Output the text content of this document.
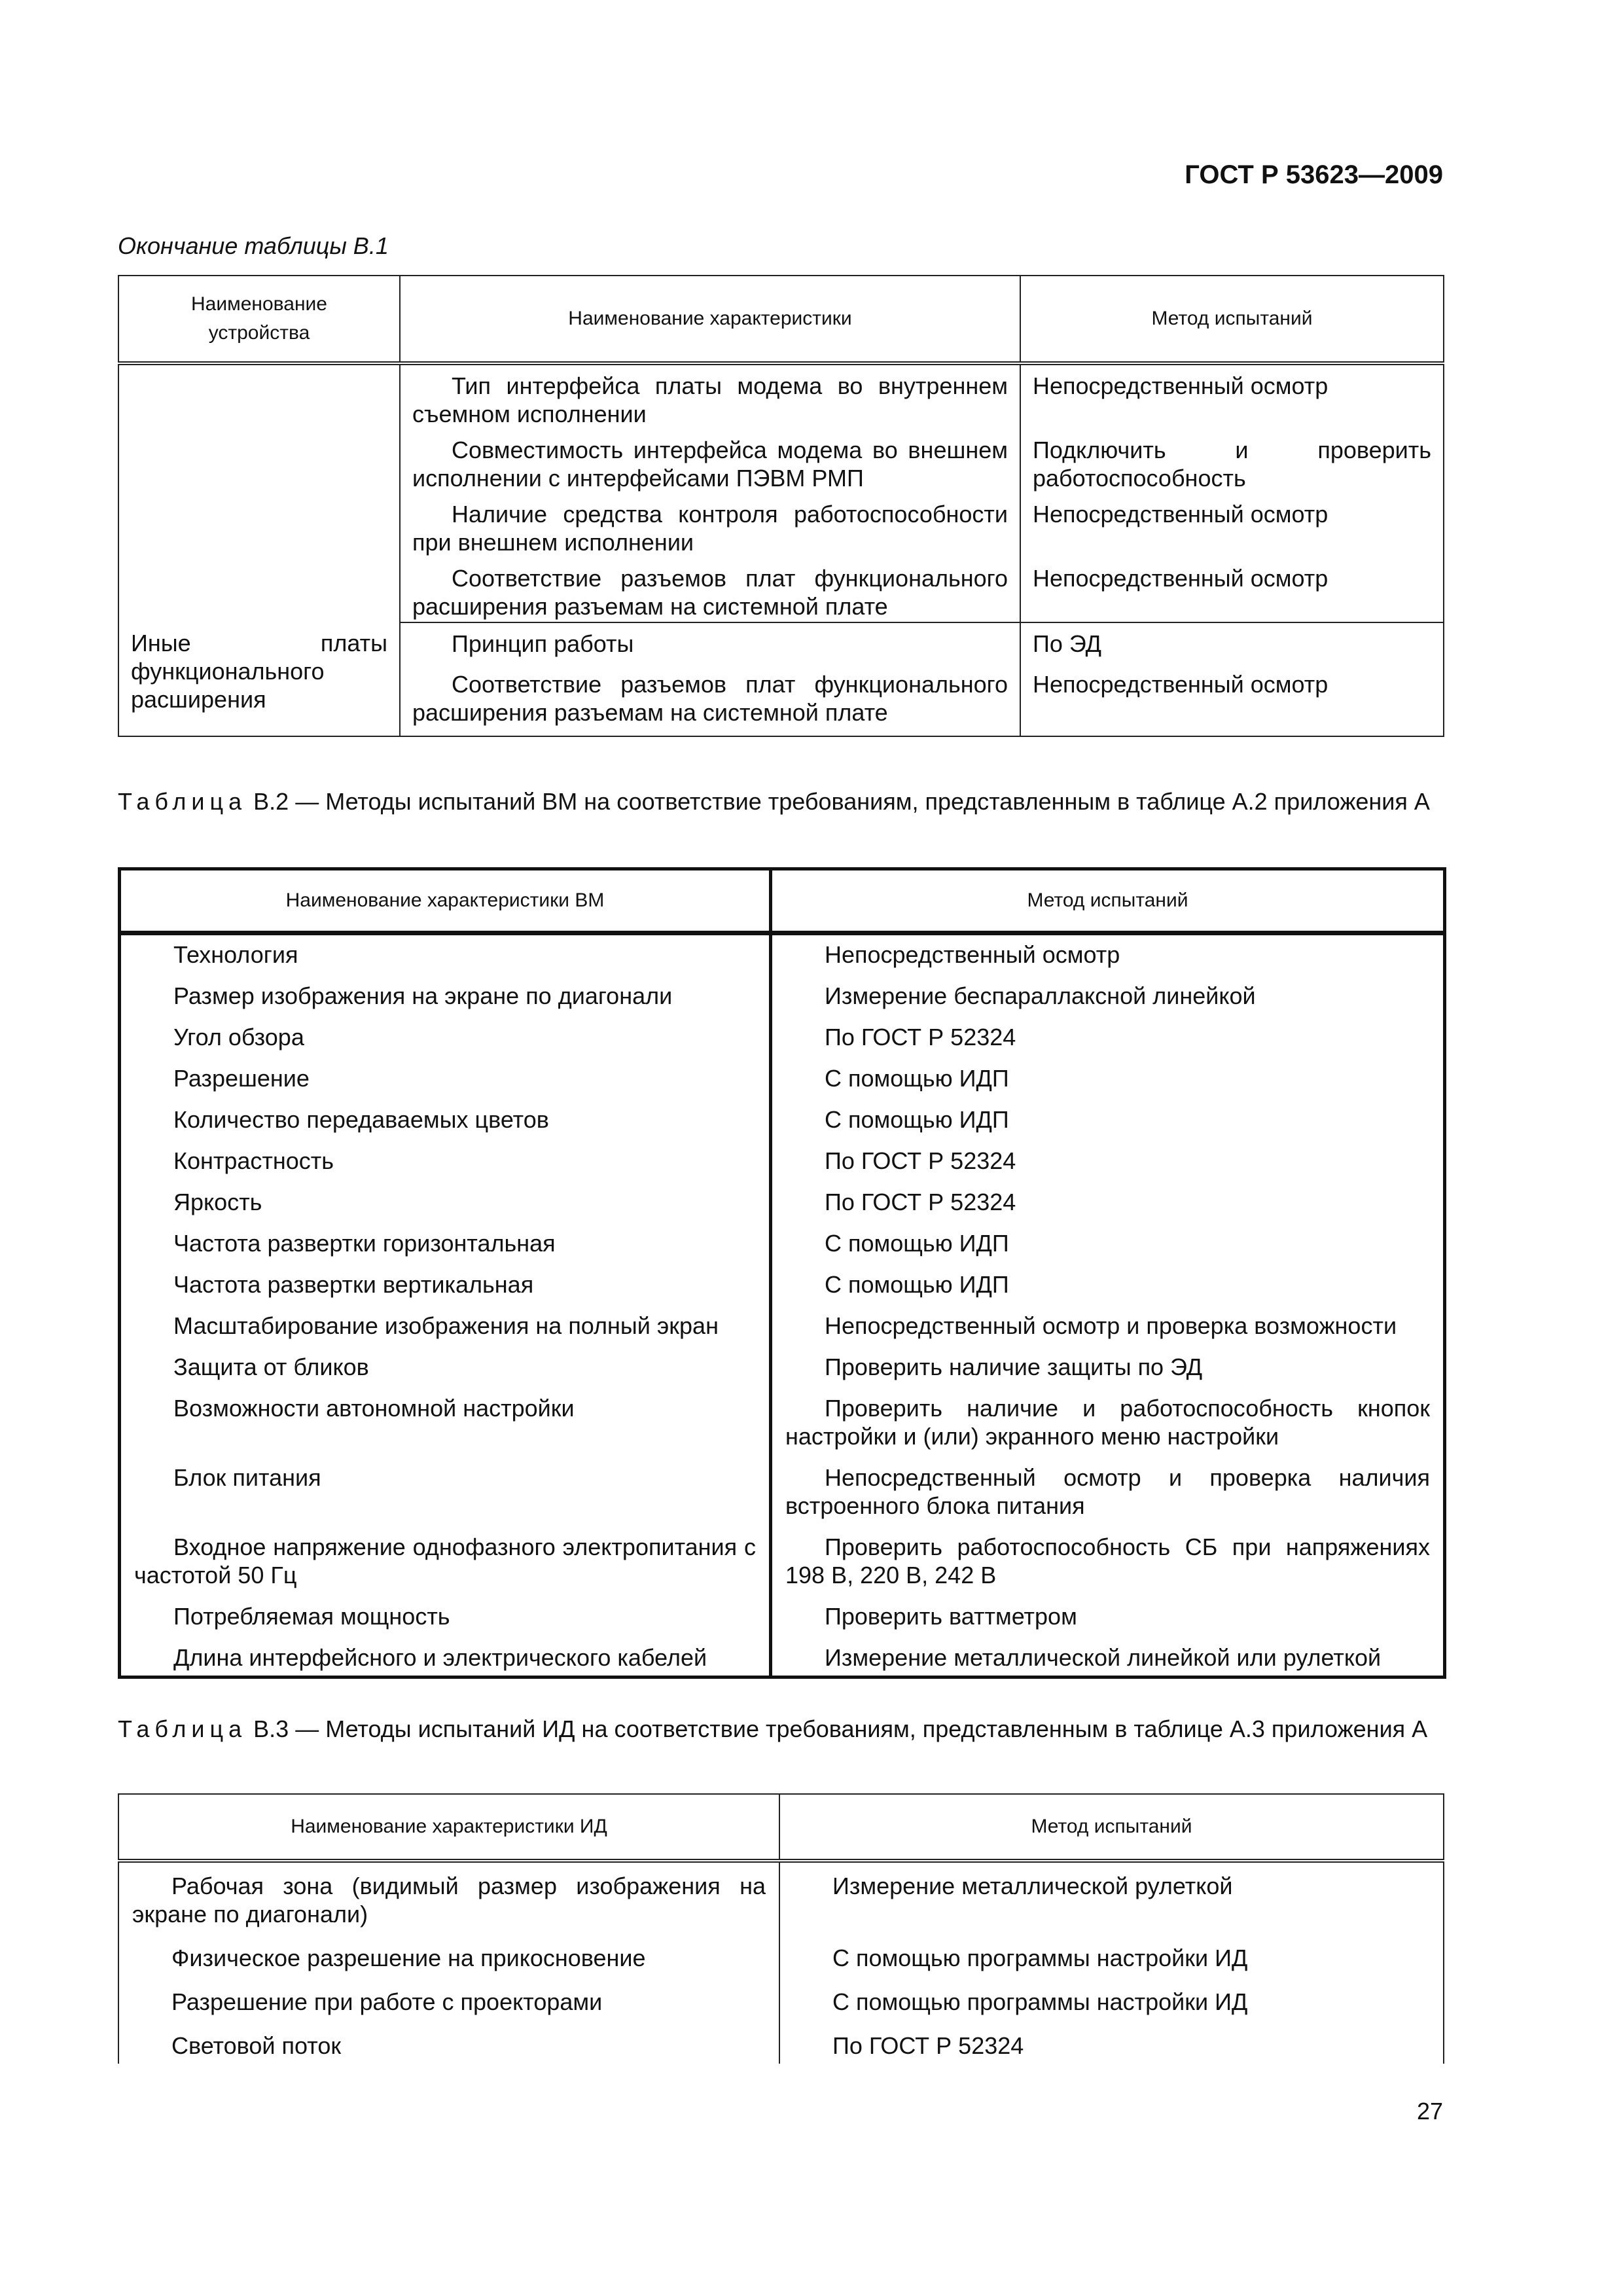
ГОСТ Р 53623—2009
Окончание таблицы В.1
Наименование устройства	Наименование характеристики	Метод испытаний
	Тип интерфейса платы модема во внутреннем съемном исполнении	Непосредственный осмотр
	Совместимость интерфейса модема во внешнем исполнении с интерфейсами ПЭВМ РМП	Подключить и проверить работоспособность
	Наличие средства контроля работоспособности при внешнем исполнении	Непосредственный осмотр
	Соответствие разъемов плат функционального расширения разъемам на системной плате	Непосредственный осмотр
Иные платы функционального расширения	Принцип работы	По ЭД
	Соответствие разъемов плат функционального расширения разъемам на системной плате	Непосредственный осмотр
Таблица В.2 — Методы испытаний ВМ на соответствие требованиям, представленным в таблице А.2 приложения А
Наименование характеристики ВМ	Метод испытаний
Технология	Непосредственный осмотр
Размер изображения на экране по диагонали	Измерение беспараллаксной линейкой
Угол обзора	По ГОСТ Р 52324
Разрешение	С помощью ИДП
Количество передаваемых цветов	С помощью ИДП
Контрастность	По ГОСТ Р 52324
Яркость	По ГОСТ Р 52324
Частота развертки горизонтальная	С помощью ИДП
Частота развертки вертикальная	С помощью ИДП
Масштабирование изображения на полный экран	Непосредственный осмотр и проверка возможности
Защита от бликов	Проверить наличие защиты по ЭД
Возможности автономной настройки	Проверить наличие и работоспособность кнопок настройки и (или) экранного меню настройки
Блок питания	Непосредственный осмотр и проверка наличия встроенного блока питания
Входное напряжение однофазного электропитания с частотой 50 Гц	Проверить работоспособность СБ при напряжениях 198 В, 220 В, 242 В
Потребляемая мощность	Проверить ваттметром
Длина интерфейсного и электрического кабелей	Измерение металлической линейкой или рулеткой
Таблица В.3 — Методы испытаний ИД на соответствие требованиям, представленным в таблице А.3 приложения А
Наименование характеристики ИД	Метод испытаний
Рабочая зона (видимый размер изображения на экране по диагонали)	Измерение металлической рулеткой
Физическое разрешение на прикосновение	С помощью программы настройки ИД
Разрешение при работе с проекторами	С помощью программы настройки ИД
Световой поток	По ГОСТ Р 52324
27
